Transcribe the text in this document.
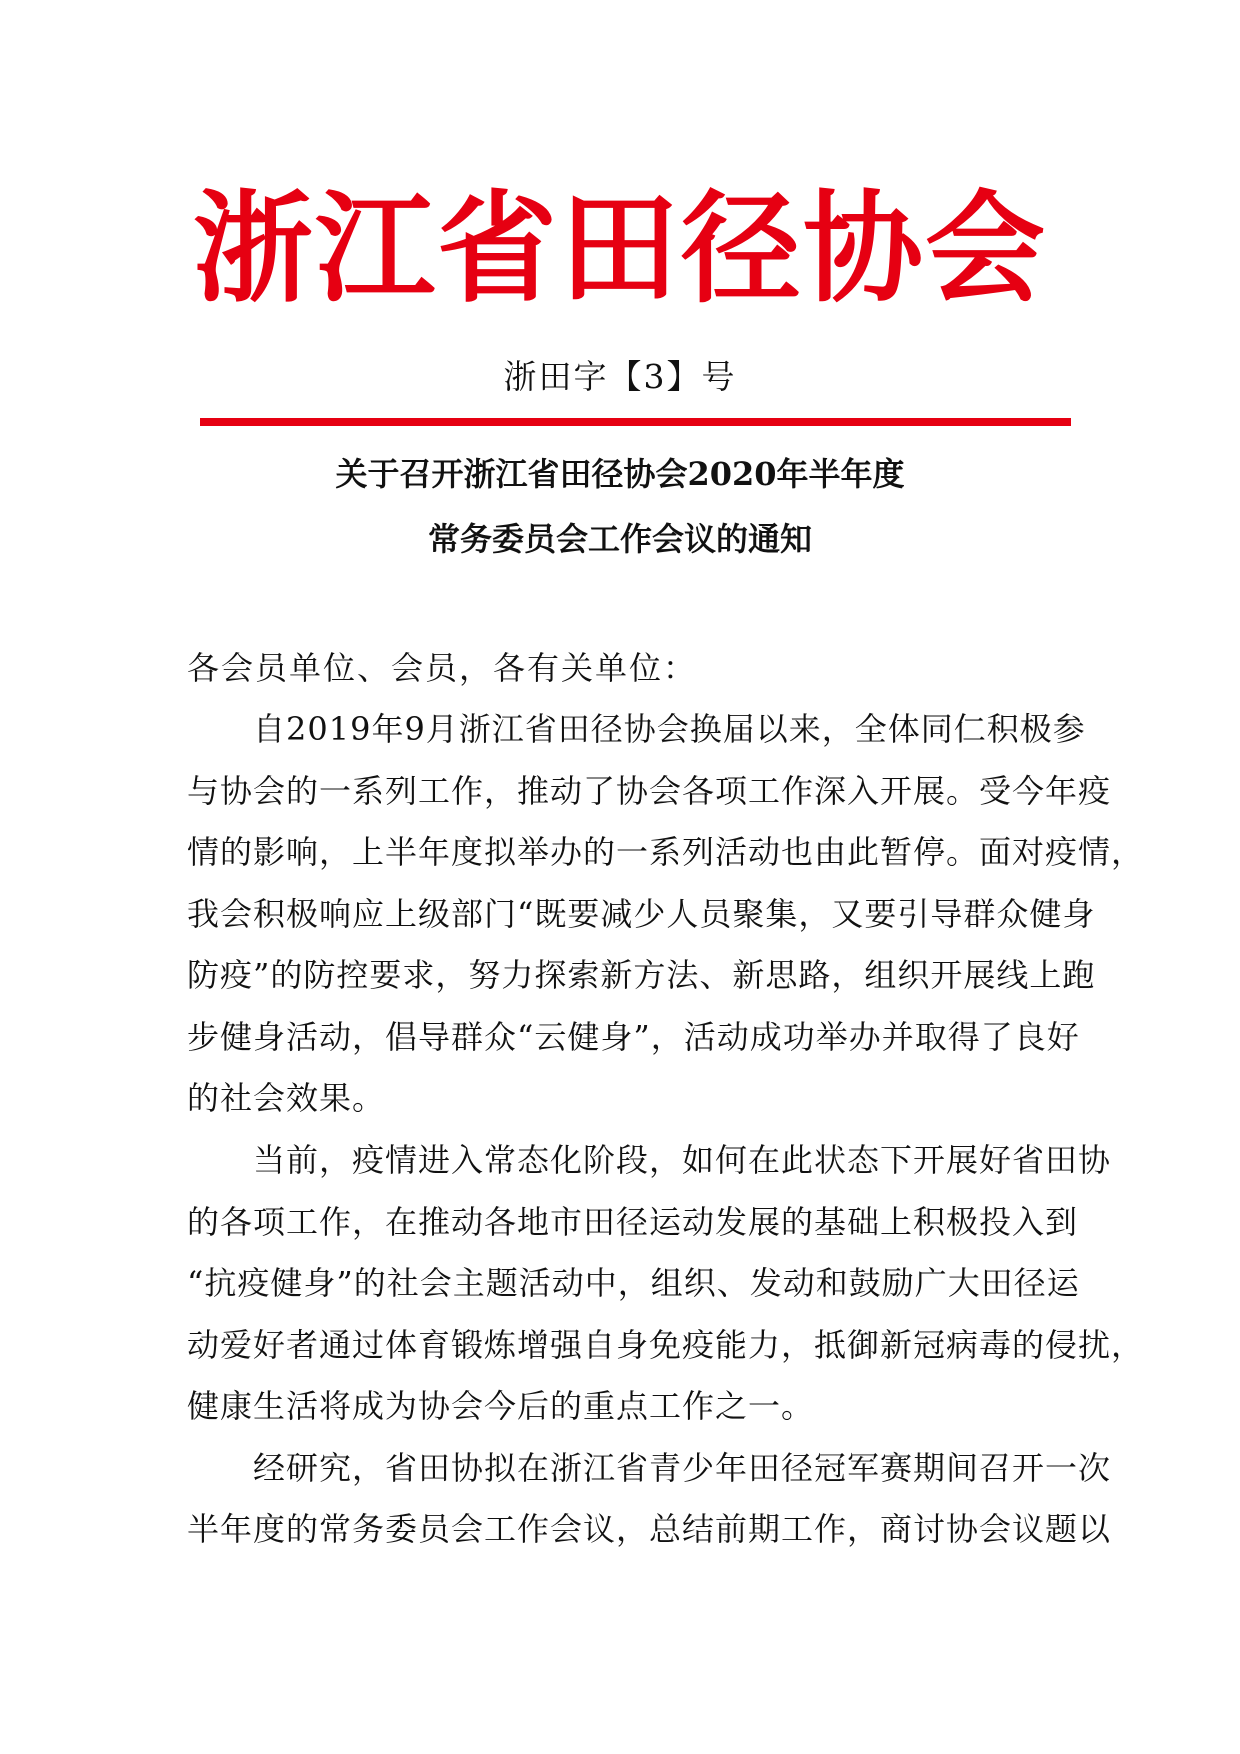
浙江省田径协会
浙田字【3】号
关于召开浙江省田径协会2020年半年度
常务委员会工作会议的通知
各会员单位、会员，各有关单位：
　　自2019年9月浙江省田径协会换届以来，全体同仁积极参
与协会的一系列工作，推动了协会各项工作深入开展。受今年疫
情的影响，上半年度拟举办的一系列活动也由此暂停。面对疫情，
我会积极响应上级部门“既要减少人员聚集，又要引导群众健身
防疫”的防控要求，努力探索新方法、新思路，组织开展线上跑
步健身活动，倡导群众“云健身”，活动成功举办并取得了良好
的社会效果。
　　当前，疫情进入常态化阶段，如何在此状态下开展好省田协
的各项工作，在推动各地市田径运动发展的基础上积极投入到
“抗疫健身”的社会主题活动中，组织、发动和鼓励广大田径运
动爱好者通过体育锻炼增强自身免疫能力，抵御新冠病毒的侵扰，
健康生活将成为协会今后的重点工作之一。
　　经研究，省田协拟在浙江省青少年田径冠军赛期间召开一次
半年度的常务委员会工作会议，总结前期工作，商讨协会议题以
